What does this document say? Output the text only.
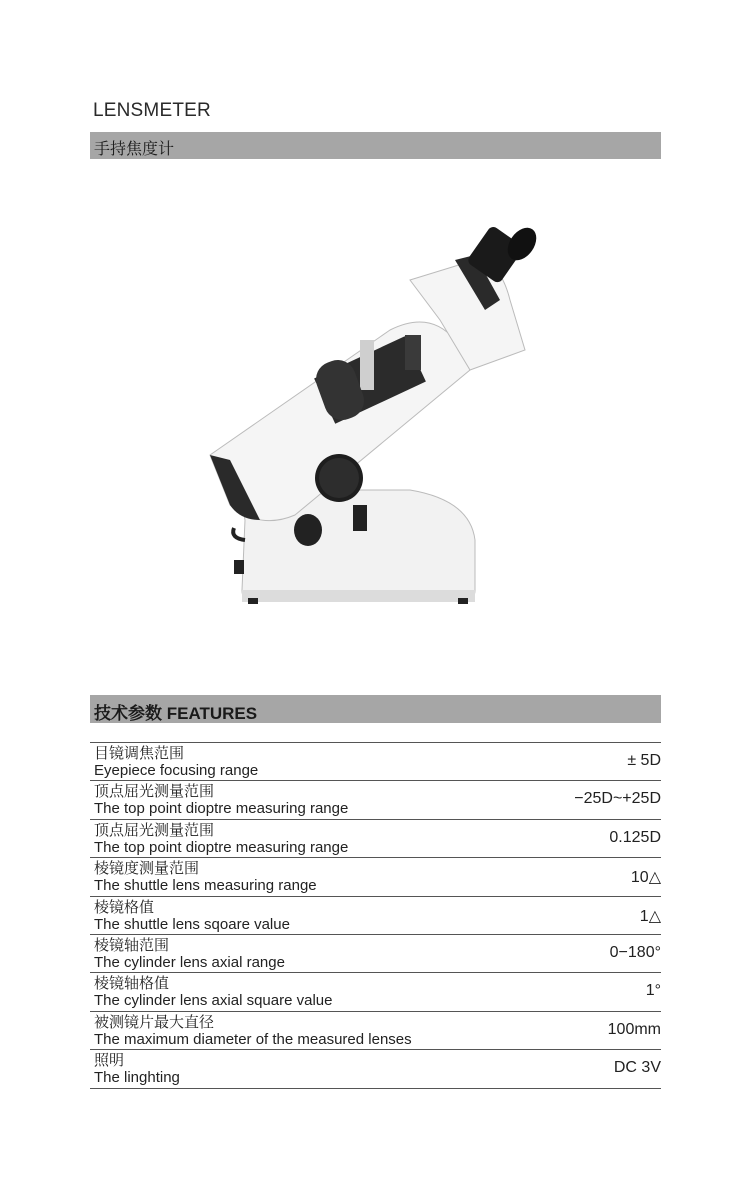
LENSMETER
手持焦度计
技术参数 FEATURES
目镜调焦范围
Eyepiece focusing range
± 5D
顶点屈光测量范围
The top point dioptre measuring range
−25D~+25D
顶点屈光测量范围
The top point dioptre measuring range
0.125D
棱镜度测量范围
The shuttle lens measuring range	10△
棱镜格值
The shuttle lens sqoare value	1△
棱镜轴范围
The cylinder lens axial range
0−180°
棱镜轴格值
The cylinder lens axial square value
1°
被测镜片最大直径
The maximum diameter of the measured lenses
100mm
照明
The linghting
DC 3V
